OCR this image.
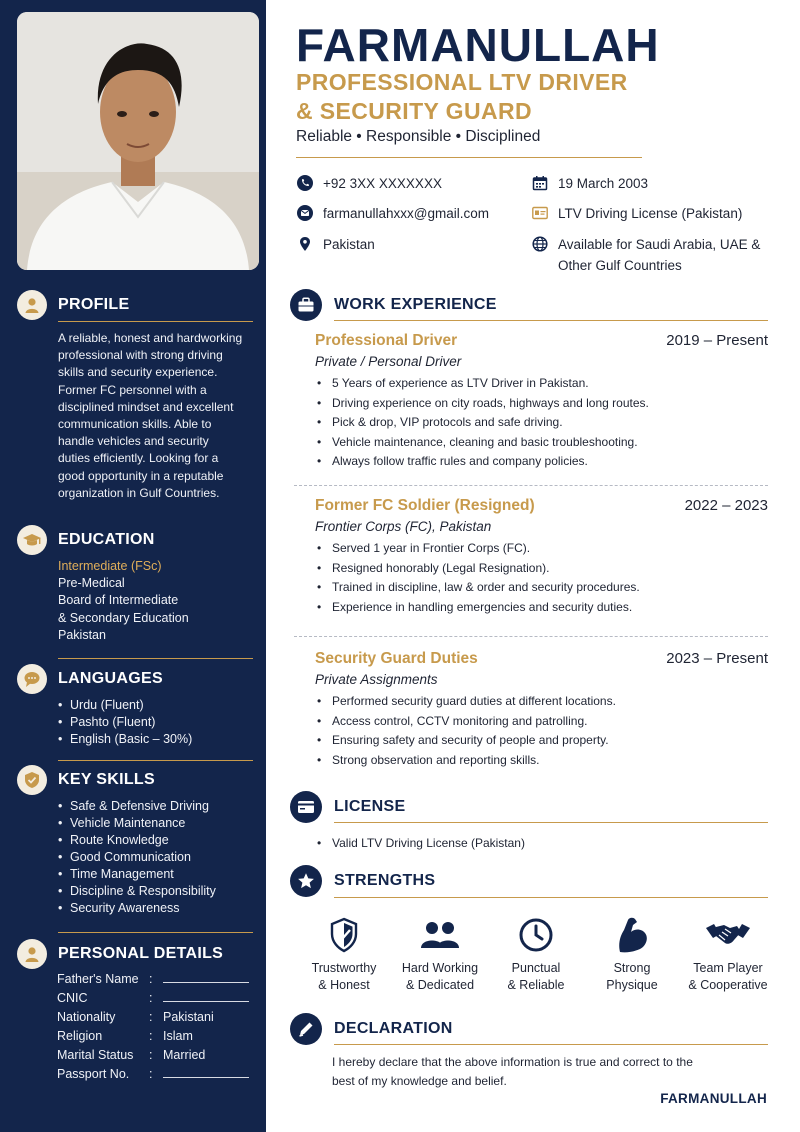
PROFILE
A reliable, honest and hardworking
professional with strong driving
skills and security experience.
Former FC personnel with a
disciplined mindset and excellent
communication skills. Able to
handle vehicles and security
duties efficiently. Looking for a
good opportunity in a reputable
organization in Gulf Countries.
EDUCATION
Intermediate (FSc)
Pre-Medical
Board of Intermediate
& Secondary Education
Pakistan
LANGUAGES
• Urdu (Fluent)
• Pashto (Fluent)
• English (Basic – 30%)
KEY SKILLS
• Safe & Defensive Driving
• Vehicle Maintenance
• Route Knowledge
• Good Communication
• Time Management
• Discipline & Responsibility
• Security Awareness
PERSONAL DETAILS
Father's Name :
CNIC	:
Nationality	: Pakistani
Religion	: Islam
Marital Status	: Married
Passport No.	:
FARMANULLAH
PROFESSIONAL LTV DRIVER
& SECURITY GUARD
Reliable • Responsible • Disciplined
+92 3XX XXXXXXX
farmanullahxxx@gmail.com
Pakistan
19 March 2003
LTV Driving License (Pakistan)
Available for Saudi Arabia, UAE &
Other Gulf Countries
WORK EXPERIENCE
Professional Driver	2019 – Present
Private / Personal Driver
• 5 Years of experience as LTV Driver in Pakistan.
• Driving experience on city roads, highways and long routes.
• Pick & drop, VIP protocols and safe driving.
• Vehicle maintenance, cleaning and basic troubleshooting.
• Always follow traffic rules and company policies.
Former FC Soldier (Resigned)	2022 – 2023
Frontier Corps (FC), Pakistan
• Served 1 year in Frontier Corps (FC).
• Resigned honorably (Legal Resignation).
• Trained in discipline, law & order and security procedures.
• Experience in handling emergencies and security duties.
Security Guard Duties	2023 – Present
Private Assignments
• Performed security guard duties at different locations.
• Access control, CCTV monitoring and patrolling.
• Ensuring safety and security of people and property.
• Strong observation and reporting skills.
LICENSE
• Valid LTV Driving License (Pakistan)
STRENGTHS
Trustworthy
& Honest
Hard Working
& Dedicated
Punctual
& Reliable
Strong
Physique
Team Player
& Cooperative
DECLARATION
I hereby declare that the above information is true and correct to the
best of my knowledge and belief.
FARMANULLAH
